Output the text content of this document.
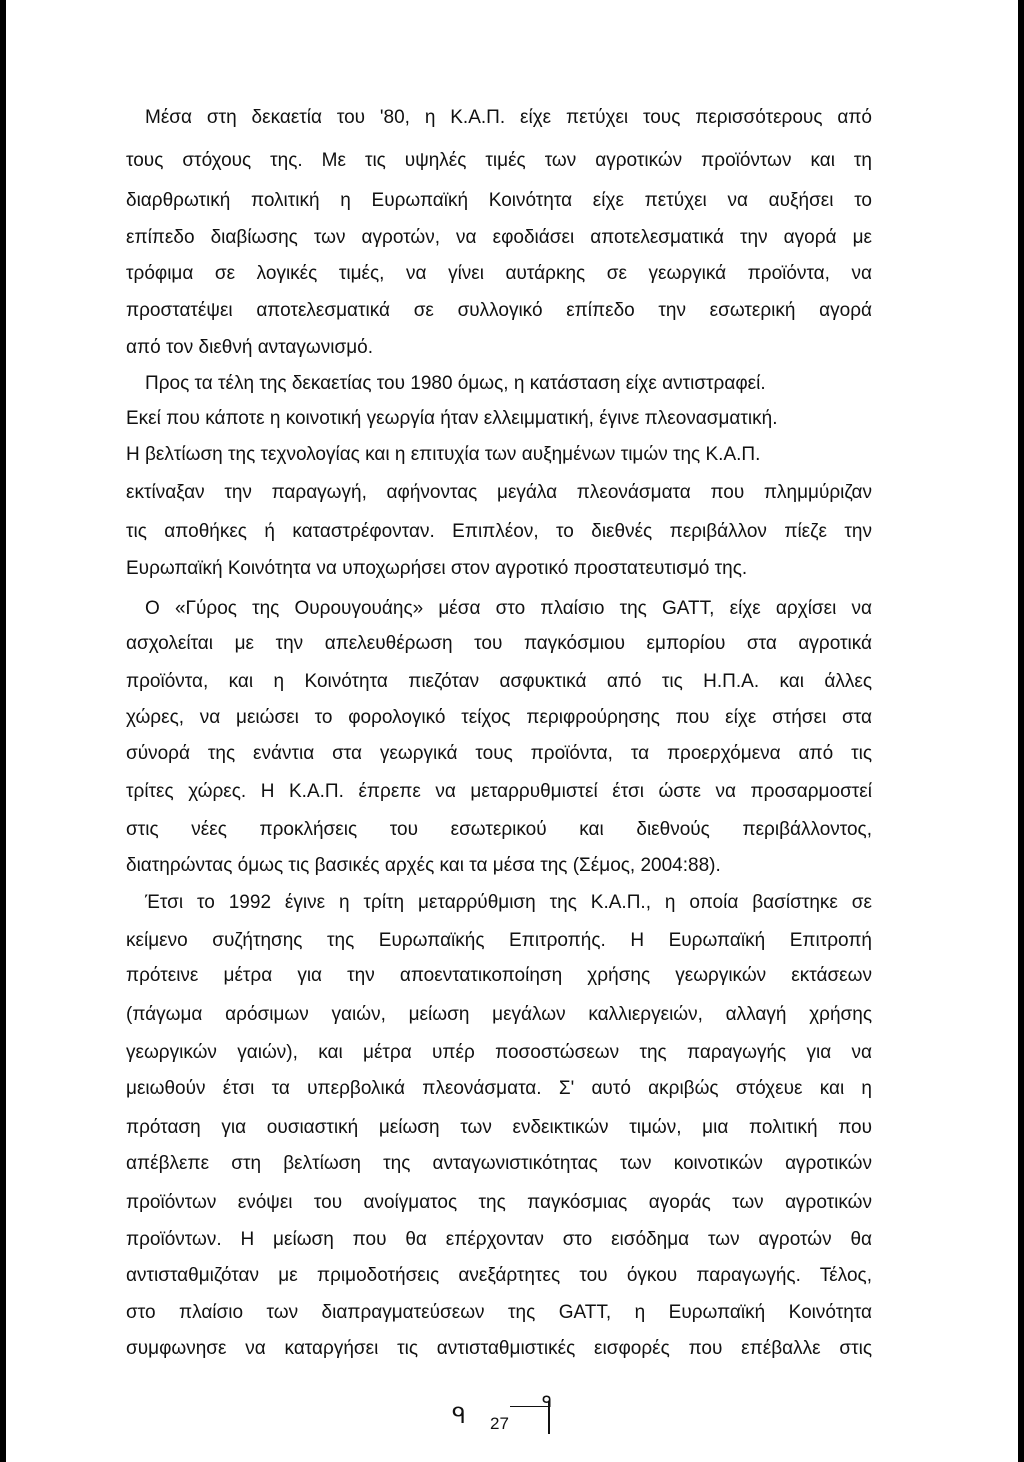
Μέσα στη δεκαετία του '80, η Κ.Α.Π. είχε πετύχει τους περισσότερους από
τους στόχους της. Με τις υψηλές τιμές των αγροτικών προϊόντων και τη
διαρθρωτική πολιτική η Ευρωπαϊκή Κοινότητα είχε πετύχει να αυξήσει το
επίπεδο διαβίωσης των αγροτών, να εφοδιάσει αποτελεσματικά την αγορά με
τρόφιμα σε λογικές τιμές, να γίνει αυτάρκης σε γεωργικά προϊόντα, να
προστατέψει αποτελεσματικά σε συλλογικό επίπεδο την εσωτερική αγορά
από τον διεθνή ανταγωνισμό.
Προς τα τέλη της δεκαετίας του 1980 όμως, η κατάσταση είχε αντιστραφεί.
Εκεί που κάποτε η κοινοτική γεωργία ήταν ελλειμματική, έγινε πλεονασματική.
Η βελτίωση της τεχνολογίας και η επιτυχία των αυξημένων τιμών της Κ.Α.Π.
εκτίναξαν την παραγωγή, αφήνοντας μεγάλα πλεονάσματα που πλημμύριζαν
τις αποθήκες ή καταστρέφονταν. Επιπλέον, το διεθνές περιβάλλον πίεζε την
Ευρωπαϊκή Κοινότητα να υποχωρήσει στον αγροτικό προστατευτισμό της.
Ο «Γύρος της Ουρουγουάης» μέσα στο πλαίσιο της GATT, είχε αρχίσει να
ασχολείται με την απελευθέρωση του παγκόσμιου εμπορίου στα αγροτικά
προϊόντα, και η Κοινότητα πιεζόταν ασφυκτικά από τις Η.Π.Α. και άλλες
χώρες, να μειώσει το φορολογικό τείχος περιφρούρησης που είχε στήσει στα
σύνορά της ενάντια στα γεωργικά τους προϊόντα, τα προερχόμενα από τις
τρίτες χώρες. Η Κ.Α.Π. έπρεπε να μεταρρυθμιστεί έτσι ώστε να προσαρμοστεί
στις νέες προκλήσεις του εσωτερικού και διεθνούς περιβάλλοντος,
διατηρώντας όμως τις βασικές αρχές και τα μέσα της (Σέμος, 2004:88).
Έτσι το 1992 έγινε η τρίτη μεταρρύθμιση της Κ.Α.Π., η οποία βασίστηκε σε
κείμενο συζήτησης της Ευρωπαϊκής Επιτροπής. Η Ευρωπαϊκή Επιτροπή
πρότεινε μέτρα για την αποεντατικοποίηση χρήσης γεωργικών εκτάσεων
(πάγωμα αρόσιμων γαιών, μείωση μεγάλων καλλιεργειών, αλλαγή χρήσης
γεωργικών γαιών), και μέτρα υπέρ ποσοστώσεων της παραγωγής για να
μειωθούν έτσι τα υπερβολικά πλεονάσματα. Σ' αυτό ακριβώς στόχευε και η
πρόταση για ουσιαστική μείωση των ενδεικτικών τιμών, μια πολιτική που
απέβλεπε στη βελτίωση της ανταγωνιστικότητας των κοινοτικών αγροτικών
προϊόντων ενόψει του ανοίγματος της παγκόσμιας αγοράς των αγροτικών
προϊόντων. Η μείωση που θα επέρχονταν στο εισόδημα των αγροτών θα
αντισταθμιζόταν με πριμοδοτήσεις ανεξάρτητες του όγκου παραγωγής. Τέλος,
στο πλαίσιο των διαπραγματεύσεων της GATT, η Ευρωπαϊκή Κοινότητα
συμφωνησε να καταργήσει τις αντισταθμιστικές εισφορές που επέβαλλε στις
ᑫ 27
ᑫ
